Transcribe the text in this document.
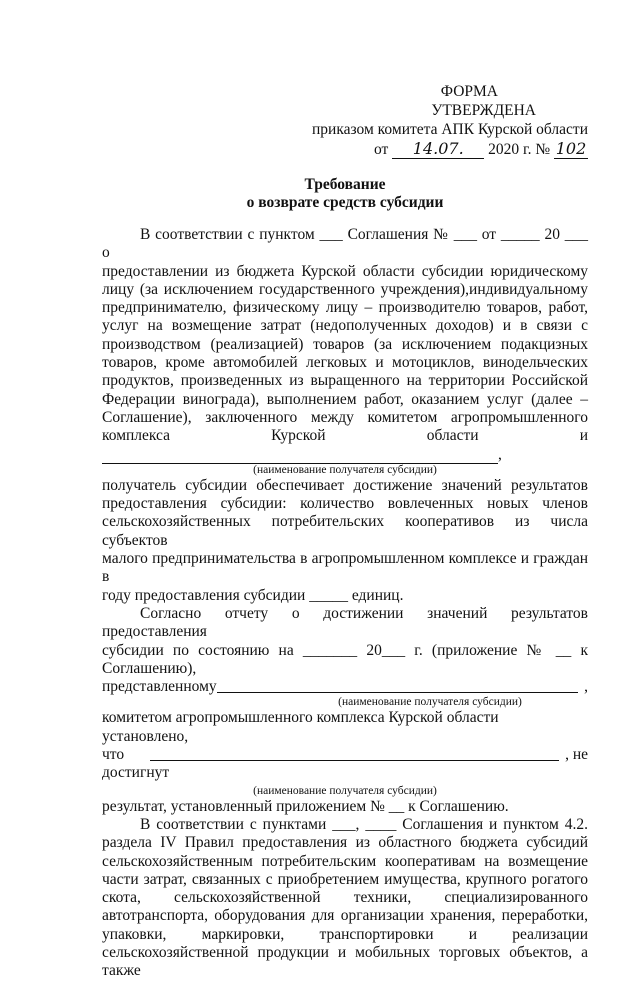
ФОРМА
УТВЕРЖДЕНА
приказом комитета АПК Курской области
от 14.07. 2020 г. № 102
Требование
о возврате средств субсидии

В соответствии с пунктом ___ Соглашения № ___ от _____ 20 ___ о

предоставлении из бюджета Курской области субсидии юридическому

лицу (за исключением государственного учреждения),индивидуальному

предпринимателю, физическому лицу – производителю товаров, работ,

услуг на возмещение затрат (недополученных доходов) и в связи с

производством (реализацией) товаров (за исключением подакцизных

товаров, кроме автомобилей легковых и мотоциклов, винодельческих

продуктов, произведенных из выращенного на территории Российской

Федерации винограда), выполнением работ, оказанием услуг (далее –

Соглашение), заключенного между комитетом агропромышленного

комплекса Курской области и

,
(наименование получателя субсидии)

получатель субсидии обеспечивает достижение значений результатов

предоставления субсидии: количество вовлеченных новых членов

сельскохозяйственных потребительских кооперативов из числа субъектов

малого предпринимательства в агропромышленном комплексе и граждан в

году предоставления субсидии _____ единиц.

Согласно отчету о достижении значений результатов предоставления

субсидии по состоянию на _______ 20___ г. (приложение № __ к

Соглашению),

представленному	,
(наименование получателя субсидии)

комитетом агропромышленного комплекса Курской области установлено,

что	, не

достигнут

(наименование получателя субсидии)

результат, установленный приложением № __ к Соглашению.

В соответствии с пунктами ___, ____ Соглашения и пунктом 4.2.

раздела IV Правил предоставления из областного бюджета субсидий

сельскохозяйственным потребительским кооперативам на возмещение

части затрат, связанных с приобретением имущества, крупного рогатого

скота, сельскохозяйственной техники, специализированного

автотранспорта, оборудования для организации хранения, переработки,

упаковки, маркировки, транспортировки и реализации

сельскохозяйственной продукции и мобильных торговых объектов, а также
